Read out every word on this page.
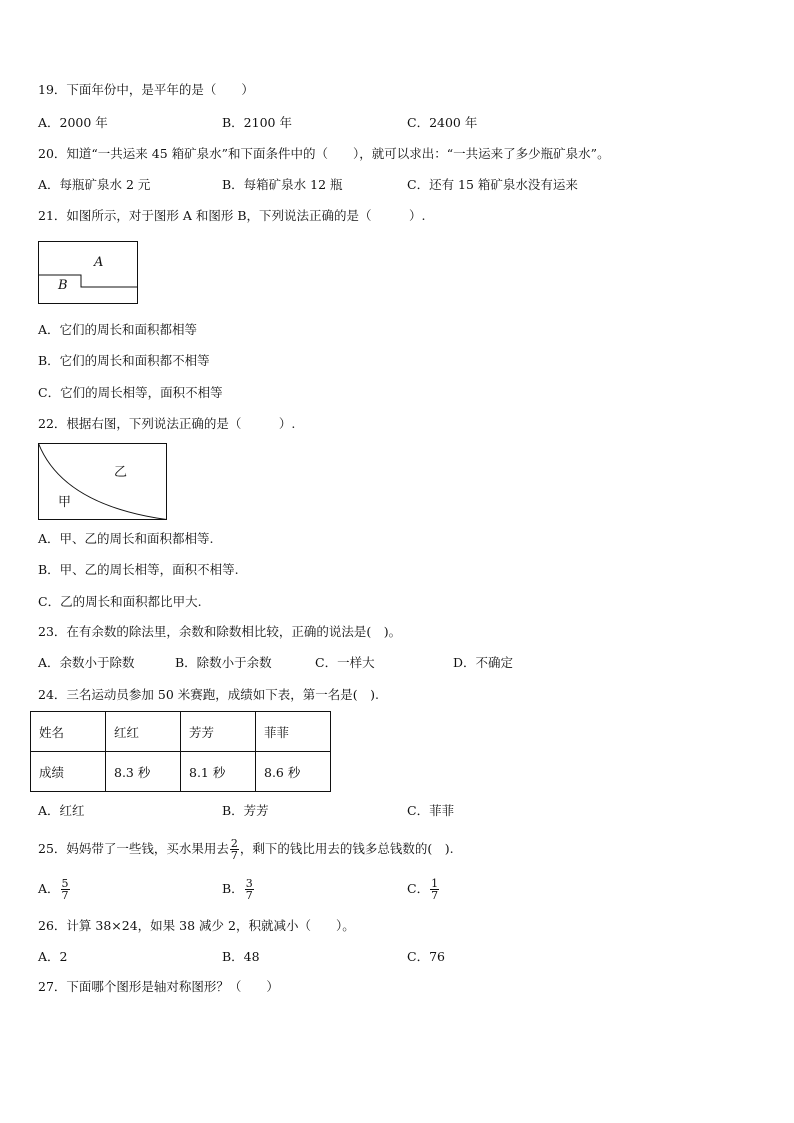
19．下面年份中，是平年的是（　　）
A．2000 年	B．2100 年	C．2400 年
20．知道“一共运来 45 箱矿泉水”和下面条件中的（　　），就可以求出：“一共运来了多少瓶矿泉水”。
A．每瓶矿泉水 2 元	B．每箱矿泉水 12 瓶	C．还有 15 箱矿泉水没有运来
21．如图所示，对于图形 A 和图形 B，下列说法正确的是（　　　）.
A
B
A．它们的周长和面积都相等
B．它们的周长和面积都不相等
C．它们的周长相等，面积不相等
22．根据右图，下列说法正确的是（　　　）.
乙
甲
A．甲、乙的周长和面积都相等.
B．甲、乙的周长相等，面积不相等.
C．乙的周长和面积都比甲大.
23．在有余数的除法里，余数和除数相比较，正确的说法是(　)。
A．余数小于除数	B．除数小于余数	C．一样大	D．不确定
24．三名运动员参加 50 米赛跑，成绩如下表，第一名是(　).
姓名	红红	芳芳	菲菲
成绩	8.3 秒	8.1 秒	8.6 秒
A．红红	B．芳芳	C．菲菲
25．妈妈带了一些钱，买水果用去 $\frac{2}{7}$ ，剩下的钱比用去的钱多总钱数的(　).
A． $\frac{5}{7}$	B． $\frac{3}{7}$	C． $\frac{1}{7}$
26．计算 38×24，如果 38 减少 2，积就减小（　　）。
A．2	B．48	C．76
27．下面哪个图形是轴对称图形？（　　）
